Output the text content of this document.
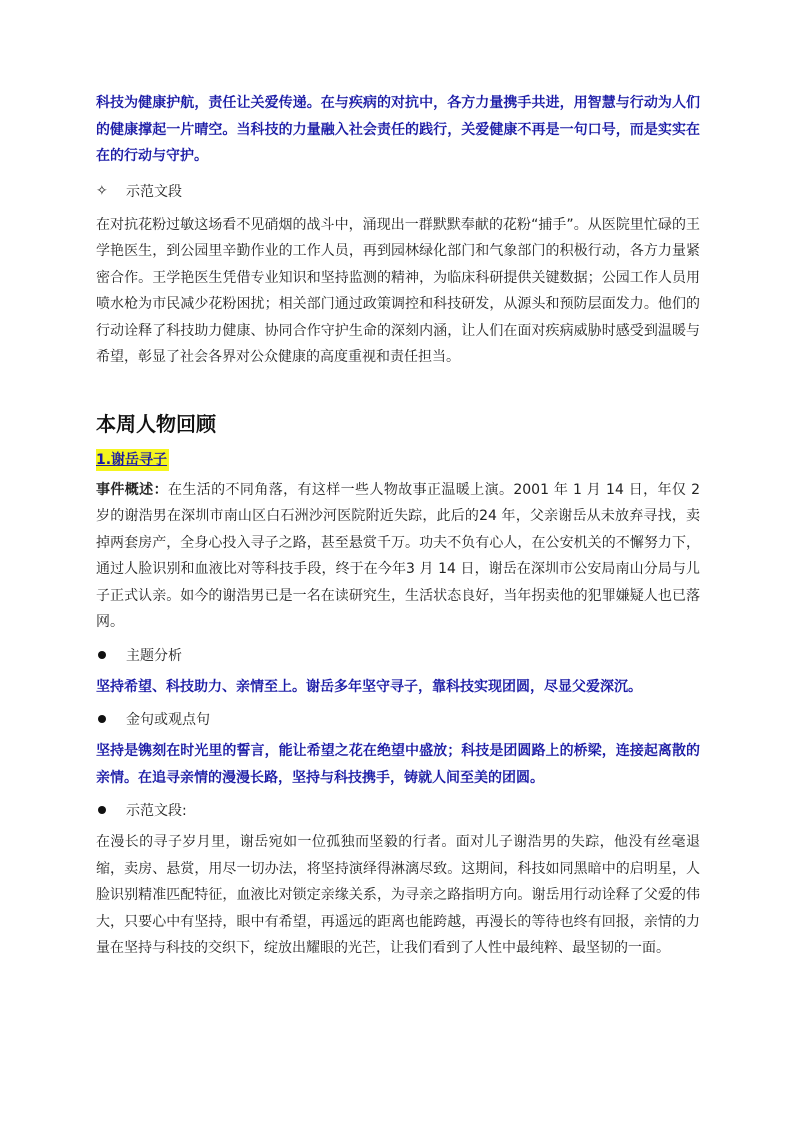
科技为健康护航，责任让关爱传递。在与疾病的对抗中，各方力量携手共进，用智慧与行动为人们的健康撑起一片晴空。当科技的力量融入社会责任的践行，关爱健康不再是一句口号，而是实实在在的行动与守护。

✧	示范文段

在对抗花粉过敏这场看不见硝烟的战斗中，涌现出一群默默奉献的花粉“捕手”。从医院里忙碌的王学艳医生，到公园里辛勤作业的工作人员，再到园林绿化部门和气象部门的积极行动，各方力量紧密合作。王学艳医生凭借专业知识和坚持监测的精神，为临床科研提供关键数据；公园工作人员用喷水枪为市民减少花粉困扰；相关部门通过政策调控和科技研发，从源头和预防层面发力。他们的行动诠释了科技助力健康、协同合作守护生命的深刻内涵，让人们在面对疾病威胁时感受到温暖与希望，彰显了社会各界对公众健康的高度重视和责任担当。

本周人物回顾
1.谢岳寻子

事件概述：在生活的不同角落，有这样一些人物故事正温暖上演。2001 年 1 月 14 日，年仅 2 岁的谢浩男在深圳市南山区白石洲沙河医院附近失踪，此后的24 年，父亲谢岳从未放弃寻找，卖掉两套房产，全身心投入寻子之路，甚至悬赏千万。功夫不负有心人，在公安机关的不懈努力下，通过人脸识别和血液比对等科技手段，终于在今年3 月 14 日，谢岳在深圳市公安局南山分局与儿子正式认亲。如今的谢浩男已是一名在读研究生，生活状态良好，当年拐卖他的犯罪嫌疑人也已落网。

主题分析

坚持希望、科技助力、亲情至上。谢岳多年坚守寻子，靠科技实现团圆，尽显父爱深沉。

金句或观点句

坚持是镌刻在时光里的誓言，能让希望之花在绝望中盛放；科技是团圆路上的桥梁，连接起离散的亲情。在追寻亲情的漫漫长路，坚持与科技携手，铸就人间至美的团圆。

示范文段:

在漫长的寻子岁月里，谢岳宛如一位孤独而坚毅的行者。面对儿子谢浩男的失踪，他没有丝毫退缩，卖房、悬赏，用尽一切办法，将坚持演绎得淋漓尽致。这期间，科技如同黑暗中的启明星，人脸识别精准匹配特征，血液比对锁定亲缘关系，为寻亲之路指明方向。谢岳用行动诠释了父爱的伟大，只要心中有坚持，眼中有希望，再遥远的距离也能跨越，再漫长的等待也终有回报，亲情的力量在坚持与科技的交织下，绽放出耀眼的光芒，让我们看到了人性中最纯粹、最坚韧的一面。
